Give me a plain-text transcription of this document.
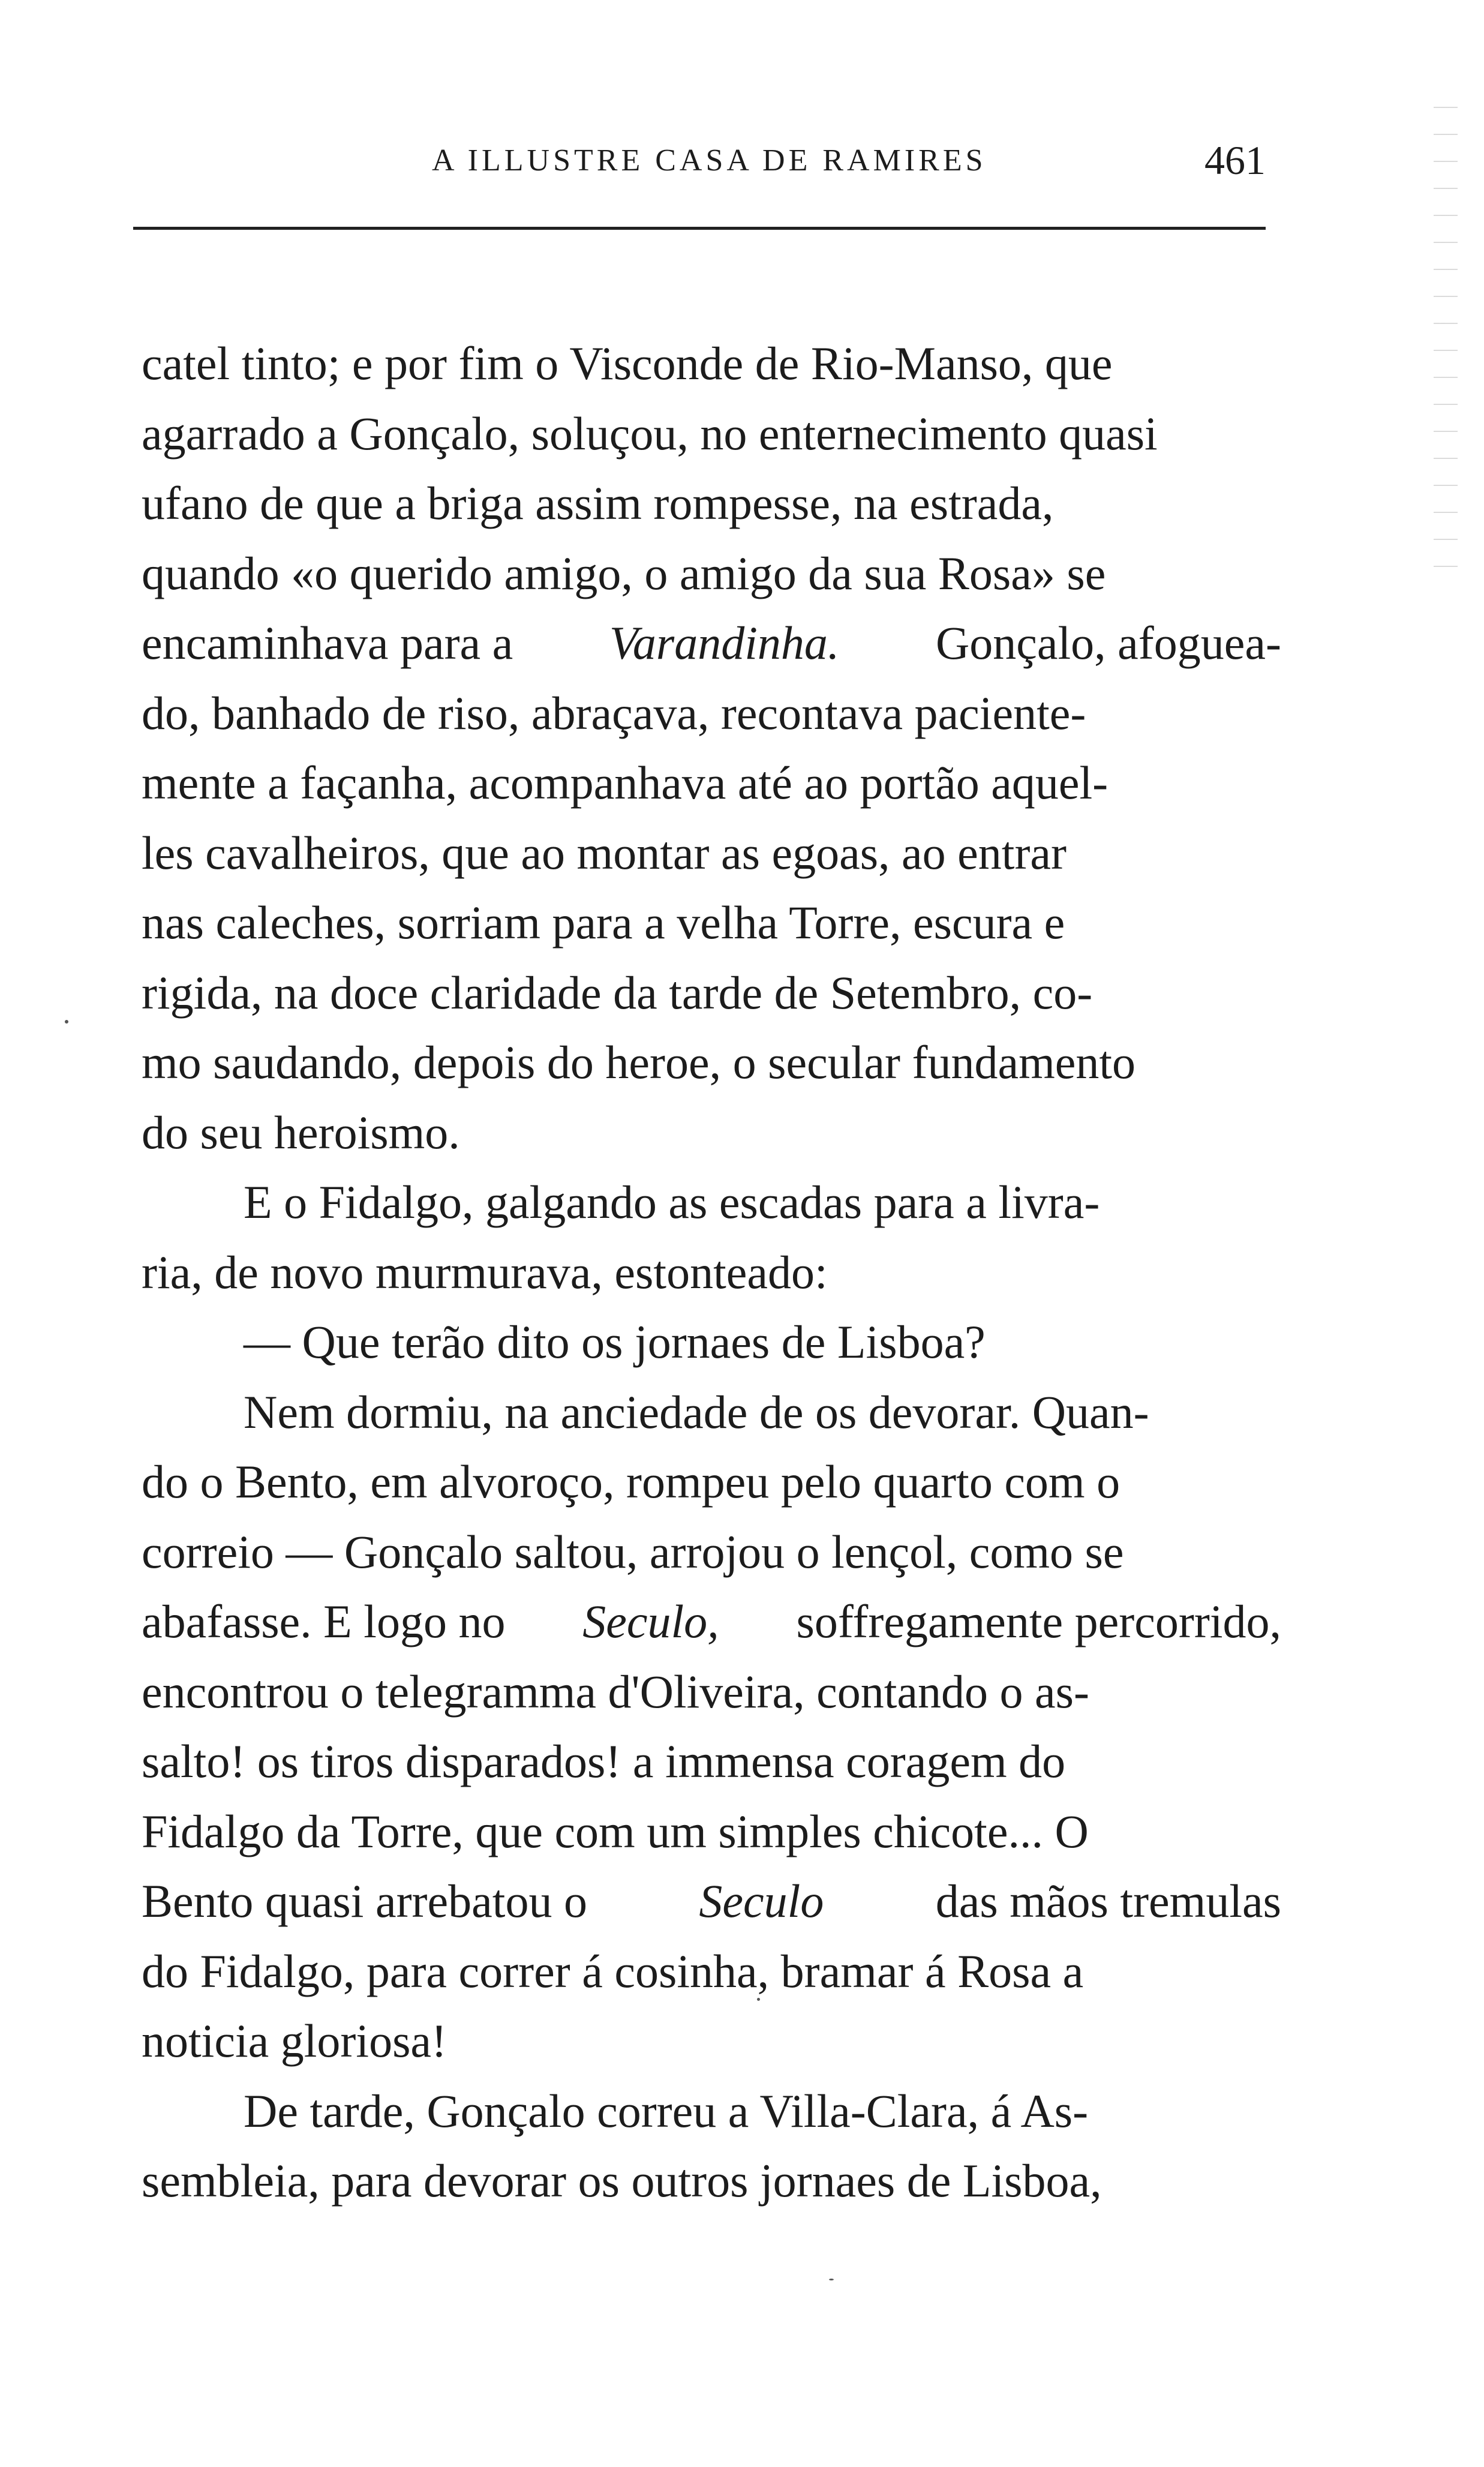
A ILLUSTRE CASA DE RAMIRES	461
catel tinto; e por fim o Visconde de Rio-Manso, que
agarrado a Gonçalo, soluçou, no enternecimento quasi
ufano de que a briga assim rompesse, na estrada,
quando «o querido amigo, o amigo da sua Rosa» se
encaminhava para a Varandinha. Gonçalo, afoguea-
do, banhado de riso, abraçava, recontava paciente-
mente a façanha, acompanhava até ao portão aquel-
les cavalheiros, que ao montar as egoas, ao entrar
nas caleches, sorriam para a velha Torre, escura e
rigida, na doce claridade da tarde de Setembro, co-
mo saudando, depois do heroe, o secular fundamento
do seu heroismo.
E o Fidalgo, galgando as escadas para a livra-
ria, de novo murmurava, estonteado:
— Que terão dito os jornaes de Lisboa?
Nem dormiu, na anciedade de os devorar. Quan-
do o Bento, em alvoroço, rompeu pelo quarto com o
correio — Gonçalo saltou, arrojou o lençol, como se
abafasse. E logo no Seculo, soffregamente percorrido,
encontrou o telegramma d'Oliveira, contando o as-
salto! os tiros disparados! a immensa coragem do
Fidalgo da Torre, que com um simples chicote... O
Bento quasi arrebatou o Seculo das mãos tremulas
do Fidalgo, para correr á cosinha, bramar á Rosa a
noticia gloriosa!
De tarde, Gonçalo correu a Villa-Clara, á As-
sembleia, para devorar os outros jornaes de Lisboa,
